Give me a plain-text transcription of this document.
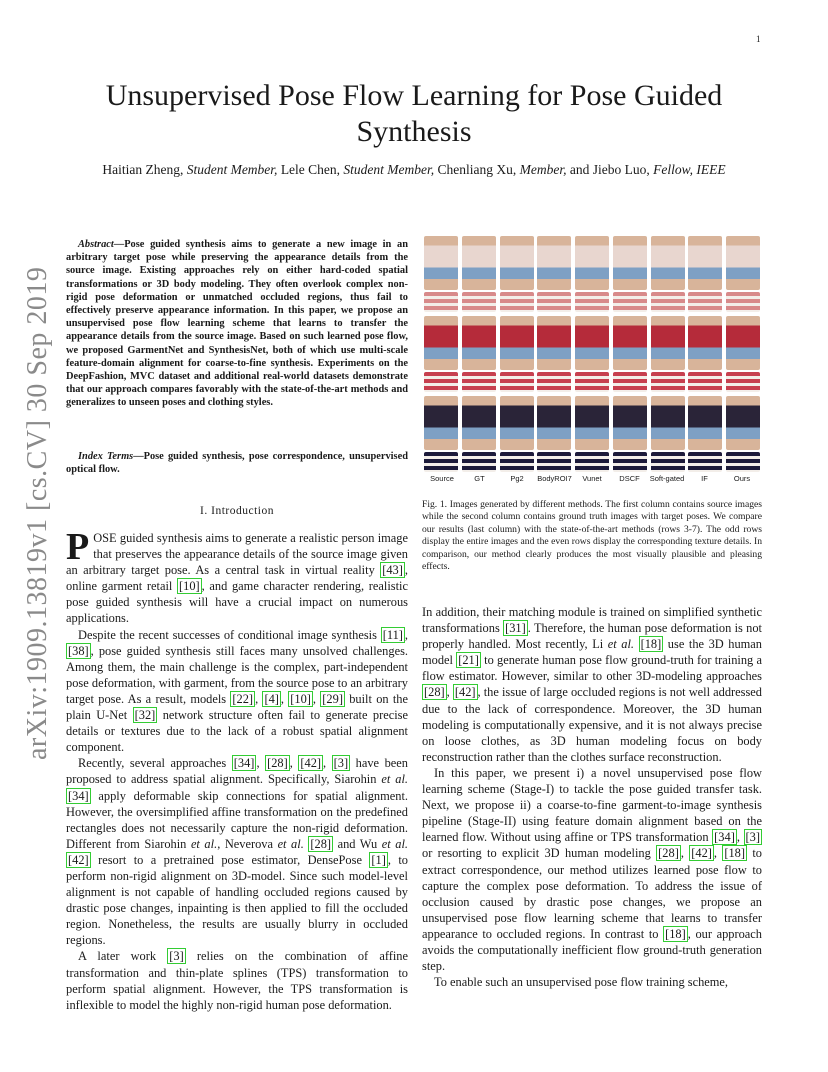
1
arXiv:1909.13819v1 [cs.CV] 30 Sep 2019
Unsupervised Pose Flow Learning for Pose Guided Synthesis
Haitian Zheng, Student Member, Lele Chen, Student Member, Chenliang Xu, Member, and Jiebo Luo, Fellow, IEEE
Abstract—Pose guided synthesis aims to generate a new image in an arbitrary target pose while preserving the appearance details from the source image. Existing approaches rely on either hard-coded spatial transformations or 3D body modeling. They often overlook complex non-rigid pose deformation or unmatched occluded regions, thus fail to effectively preserve appearance information. In this paper, we propose an unsupervised pose flow learning scheme that learns to transfer the appearance details from the source image. Based on such learned pose flow, we proposed GarmentNet and SynthesisNet, both of which use multi-scale feature-domain alignment for coarse-to-fine synthesis. Experiments on the DeepFashion, MVC dataset and additional real-world datasets demonstrate that our approach compares favorably with the state-of-the-art methods and generalizes to unseen poses and clothing styles.
Index Terms—Pose guided synthesis, pose correspondence, unsupervised optical flow.
I. Introduction

POSE guided synthesis aims to generate a realistic person image that preserves the appearance details of the source image given an arbitrary target pose. As a central task in virtual reality [43] , online garment retail [10] , and game character rendering, realistic pose guided synthesis will have a crucial impact on numerous applications.

Despite the recent successes of conditional image synthesis [11] , [38] , pose guided synthesis still faces many unsolved challenges. Among them, the main challenge is the complex, part-independent pose deformation, with garment, from the source pose to an arbitrary target pose. As a result, models [22] , [4] , [10] , [29] built on the plain U-Net [32] network structure often fail to generate precise details or textures due to the lack of a robust spatial alignment component.

Recently, several approaches [34] , [28] , [42] , [3] have been proposed to address spatial alignment. Specifically, Siarohin et al. [34] apply deformable skip connections for spatial alignment. However, the oversimplified affine transformation on the predefined rectangles does not necessarily capture the non-rigid deformation. Different from Siarohin et al., Neverova et al. [28] and Wu et al. [42] resort to a pretrained pose estimator, DensePose [1] , to perform non-rigid alignment on 3D-model. Since such model-level alignment is not capable of handling occluded regions caused by drastic pose changes, inpainting is then applied to fill the occluded region. Nonetheless, the results are usually blurry in occluded regions.

A later work [3] relies on the combination of affine transformation and thin-plate splines (TPS) transformation to perform spatial alignment. However, the TPS transformation is inflexible to model the highly non-rigid human pose deformation.

Source	GT	Pg2	BodyROI7	Vunet	DSCF	Soft-gated	IF	Ours
Fig. 1. Images generated by different methods. The first column contains source images while the second column contains ground truth images with target poses. We compare our results (last column) with the state-of-the-art methods (rows 3-7). The odd rows display the entire images and the even rows display the corresponding texture details. In comparison, our method clearly produces the most visually plausible and pleasing effects.

In addition, their matching module is trained on simplified synthetic transformations [31] . Therefore, the human pose deformation is not properly handled. Most recently, Li et al. [18] use the 3D human model [21] to generate human pose flow ground-truth for training a flow estimator. However, similar to other 3D-modeling approaches [28] , [42] , the issue of large occluded regions is not well addressed due to the lack of correspondence. Moreover, the 3D human modeling is computationally expensive, and it is not always precise on loose clothes, as 3D human modeling focus on body reconstruction rather than the clothes surface reconstruction.

In this paper, we present i) a novel unsupervised pose flow learning scheme (Stage-I) to tackle the pose guided transfer task. Next, we propose ii) a coarse-to-fine garment-to-image synthesis pipeline (Stage-II) using feature domain alignment based on the learned flow. Without using affine or TPS transformation [34] , [3] or resorting to explicit 3D human modeling [28] , [42] , [18] to extract correspondence, our method utilizes learned pose flow to capture the complex pose deformation. To address the issue of occlusion caused by drastic pose changes, we propose an unsupervised pose flow learning scheme that learns to transfer appearance to occluded regions. In contrast to [18] , our approach avoids the computationally inefficient flow ground-truth generation step.

To enable such an unsupervised pose flow training scheme,
